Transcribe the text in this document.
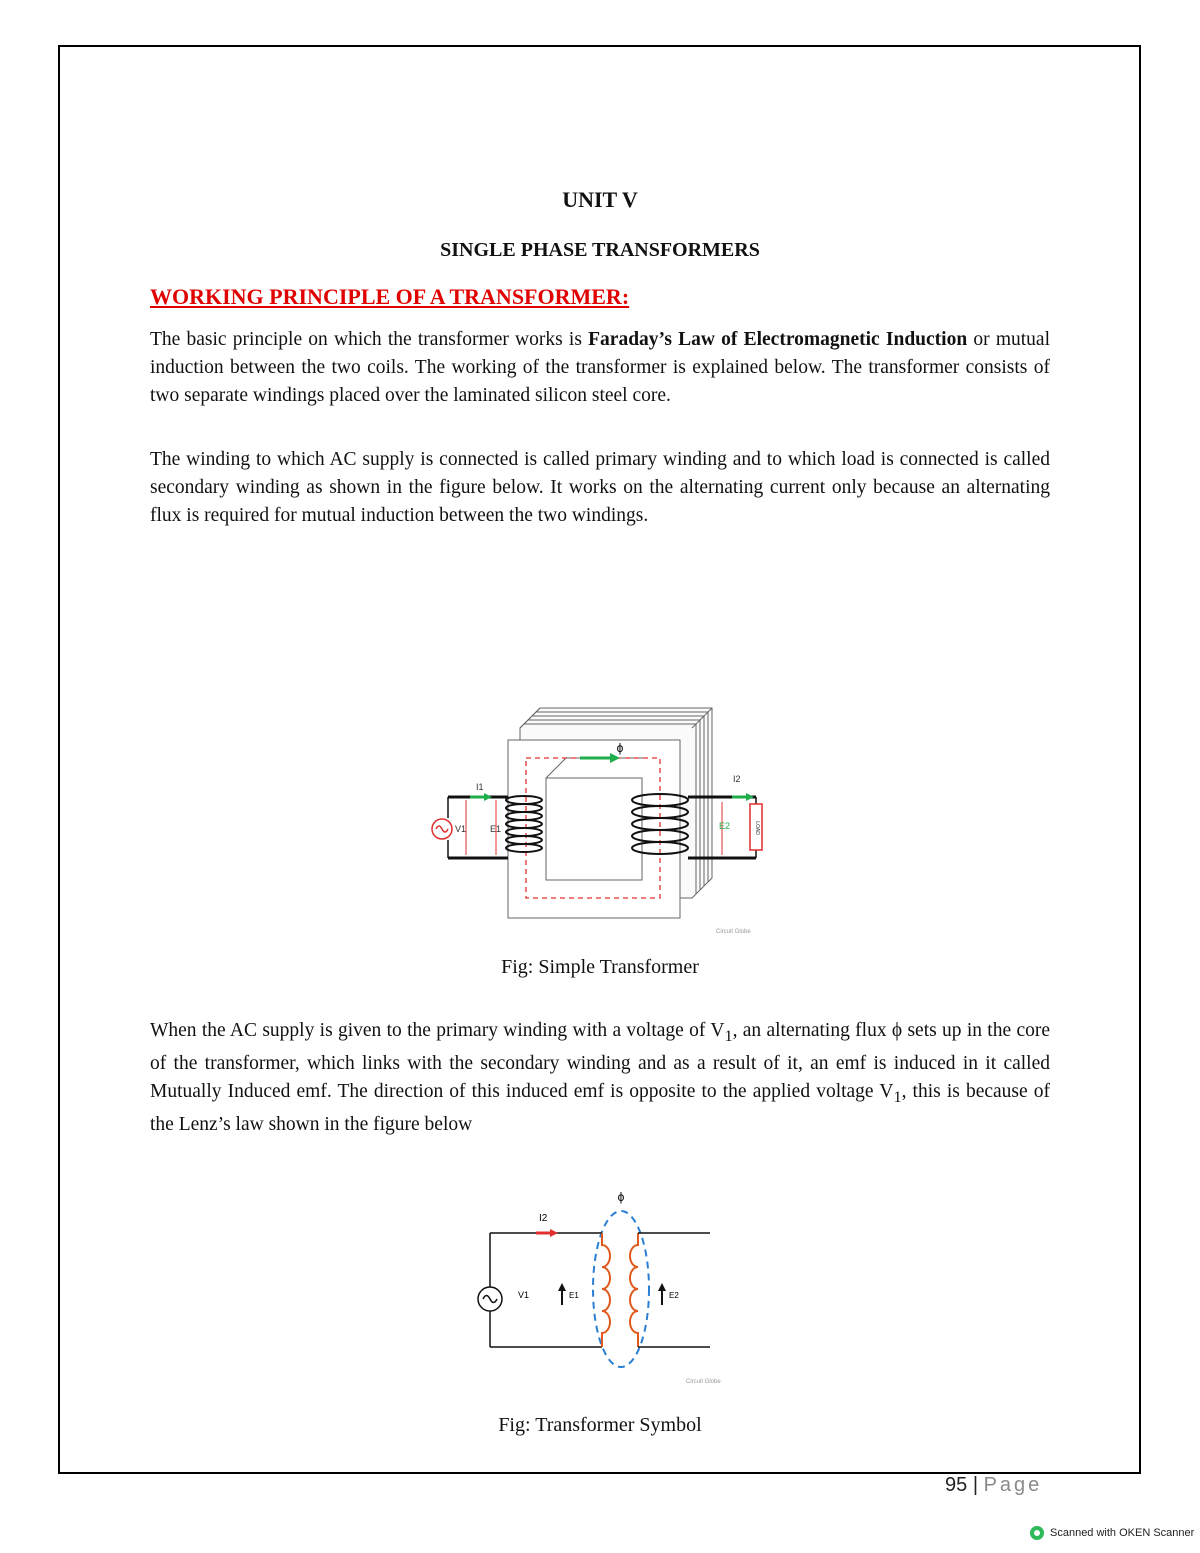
UNIT V
SINGLE PHASE TRANSFORMERS
WORKING PRINCIPLE OF A TRANSFORMER:
The basic principle on which the transformer works is Faraday’s Law of Electromagnetic Induction or mutual induction between the two coils. The working of the transformer is explained below. The transformer consists of two separate windings placed over the laminated silicon steel core.
The winding to which AC supply is connected is called primary winding and to which load is connected is called secondary winding as shown in the figure below. It works on the alternating current only because an alternating flux is required for mutual induction between the two windings.
ϕ
V1	E1
I1
LOAD
I2
E2
Circuit Globe
Fig: Simple Transformer
When the AC supply is given to the primary winding with a voltage of $V_1$, an alternating flux ϕ sets up in the core of the transformer, which links with the secondary winding and as a result of it, an emf is induced in it called Mutually Induced emf. The direction of this induced emf is opposite to the applied voltage $V_1$, this is because of the Lenz’s law shown in the figure below
ϕ
V1
I2
E1	E2
Circuit Globe
Fig: Transformer Symbol
95 | Page
Scanned with OKEN Scanner
